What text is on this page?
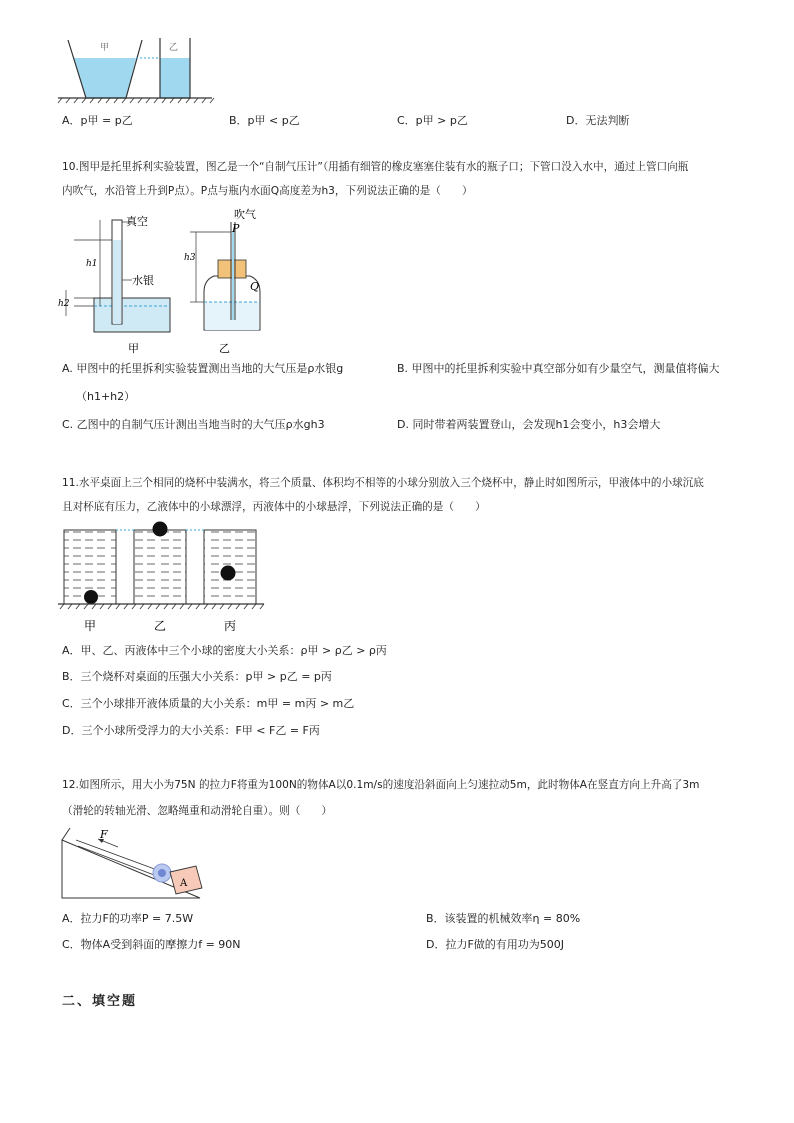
甲	乙
A．p甲 = p乙	B．p甲 < p乙	C．p甲 > p乙	D．无法判断
10.图甲是托里拆利实验装置，图乙是一个“自制气压计”（用插有细管的橡皮塞塞住装有水的瓶子口；下管口没入水中，通过上管口向瓶
内吹气，水沿管上升到P点）。P点与瓶内水面Q高度差为h3，下列说法正确的是（　　）
真空
水银
h1
h2
甲
吹气
P
Q
h3
乙
A. 甲图中的托里拆利实验装置测出当地的大气压是ρ水银g
（h1+h2）
B. 甲图中的托里拆利实验中真空部分如有少量空气，测量值将偏大
C. 乙图中的自制气压计测出当地当时的大气压ρ水gh3	D. 同时带着两装置登山，会发现h1会变小，h3会增大
11.水平桌面上三个相同的烧杯中装满水，将三个质量、体积均不相等的小球分别放入三个烧杯中，静止时如图所示，甲液体中的小球沉底
且对杯底有压力，乙液体中的小球漂浮，丙液体中的小球悬浮，下列说法正确的是（　　）
甲	乙	丙
A．甲、乙、丙液体中三个小球的密度大小关系：ρ甲 > ρ乙 > ρ丙
B．三个烧杯对桌面的压强大小关系：p甲 > p乙 = p丙
C．三个小球排开液体质量的大小关系：m甲 = m丙 > m乙
D．三个小球所受浮力的大小关系：F甲 < F乙 = F丙
12.如图所示，用大小为75N 的拉力F将重为100N的物体A以0.1m/s的速度沿斜面向上匀速拉动5m，此时物体A在竖直方向上升高了3m
（滑轮的转轴光滑、忽略绳重和动滑轮自重）。则（　　）
F
A
A．拉力F的功率P = 7.5W	B．该装置的机械效率η = 80%
C．物体A受到斜面的摩擦力f = 90N	D．拉力F做的有用功为500J
二、填空题
